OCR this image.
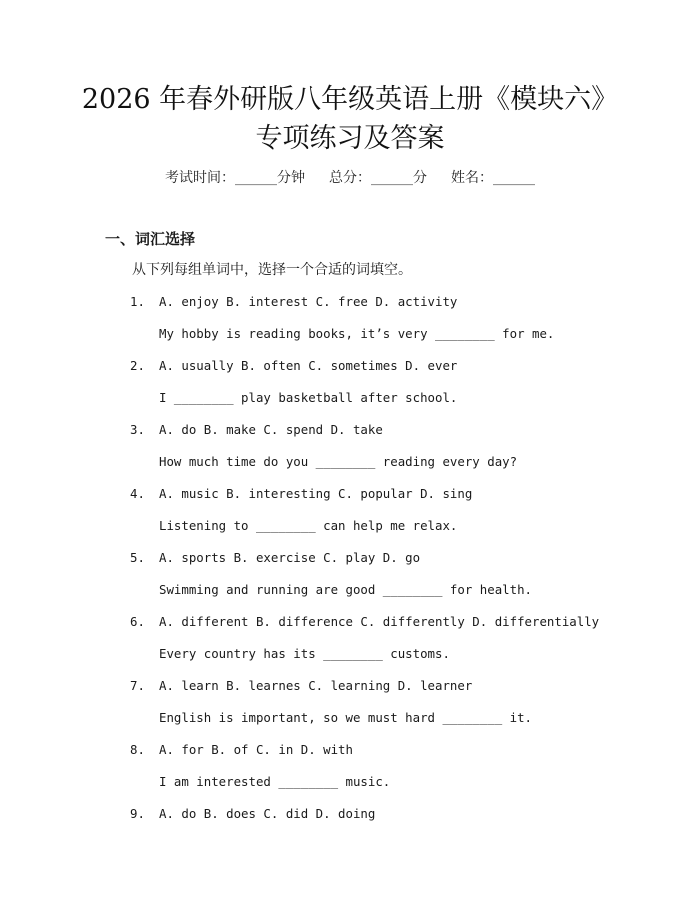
2026 年春外研版八年级英语上册《模块六》
专项练习及答案
考试时间：______分钟 总分：______分 姓名：______
一、词汇选择
从下列每组单词中，选择一个合适的词填空。
1. A. enjoy B. interest C. free D. activity
My hobby is reading books, it’s very ________ for me.
2. A. usually B. often C. sometimes D. ever
I ________ play basketball after school.
3. A. do B. make C. spend D. take
How much time do you ________ reading every day?
4. A. music B. interesting C. popular D. sing
Listening to ________ can help me relax.
5. A. sports B. exercise C. play D. go
Swimming and running are good ________ for health.
6. A. different B. difference C. differently D. differentially
Every country has its ________ customs.
7. A. learn B. learnes C. learning D. learner
English is important, so we must hard ________ it.
8. A. for B. of C. in D. with
I am interested ________ music.
9. A. do B. does C. did D. doing
